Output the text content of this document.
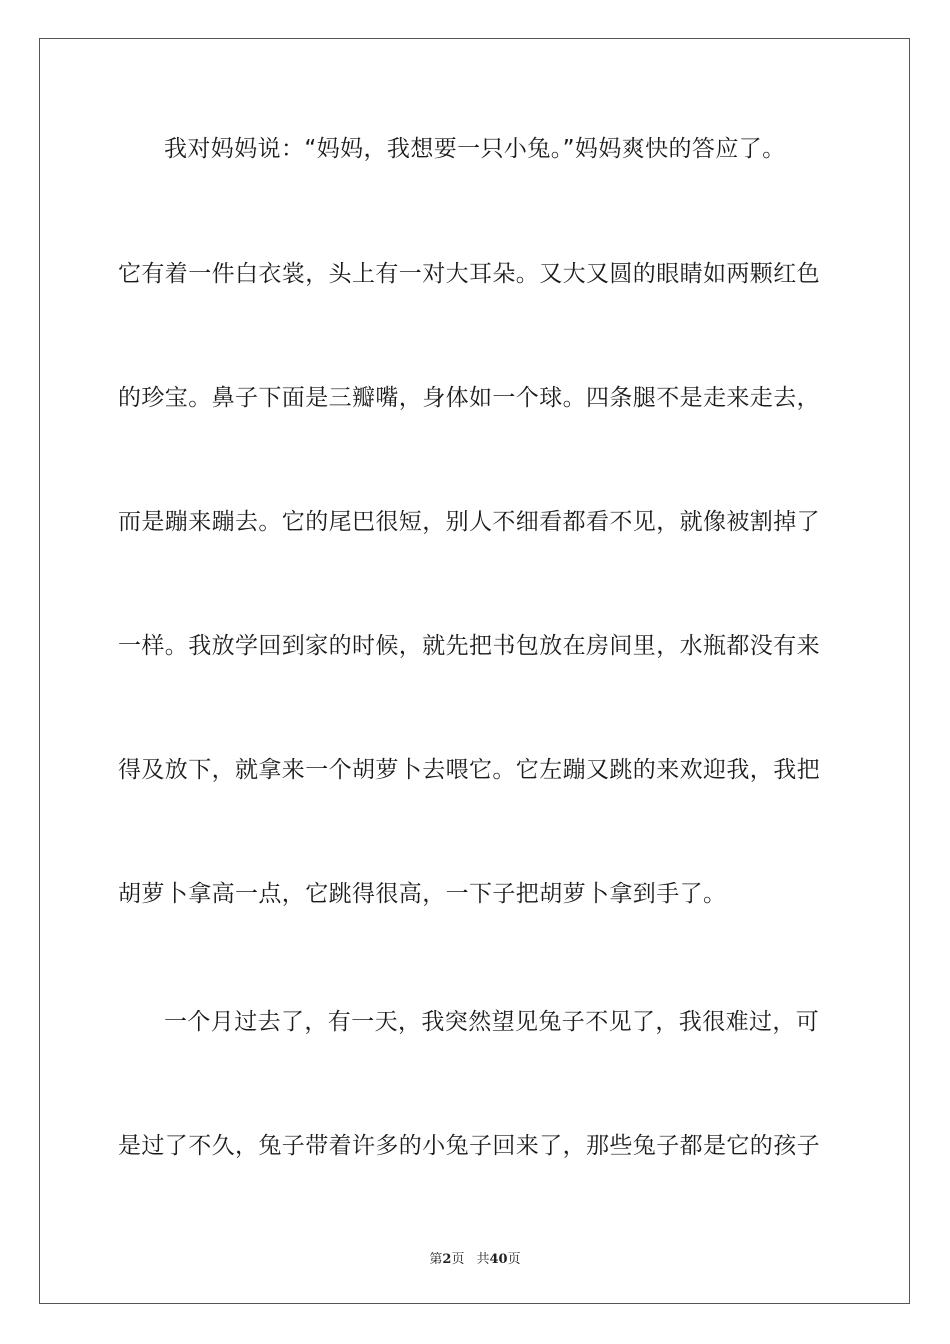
我对妈妈说：“妈妈，我想要一只小兔。”妈妈爽快的答应了。
它有着一件白衣裳，头上有一对大耳朵。又大又圆的眼睛如两颗红色
的珍宝。鼻子下面是三瓣嘴，身体如一个球。四条腿不是走来走去，
而是蹦来蹦去。它的尾巴很短，别人不细看都看不见，就像被割掉了
一样。我放学回到家的时候，就先把书包放在房间里，水瓶都没有来
得及放下，就拿来一个胡萝卜去喂它。它左蹦又跳的来欢迎我，我把
胡萝卜拿高一点，它跳得很高，一下子把胡萝卜拿到手了。
一个月过去了，有一天，我突然望见兔子不见了，我很难过，可
是过了不久，兔子带着许多的小兔子回来了，那些兔子都是它的孩子
第2页 共40页
